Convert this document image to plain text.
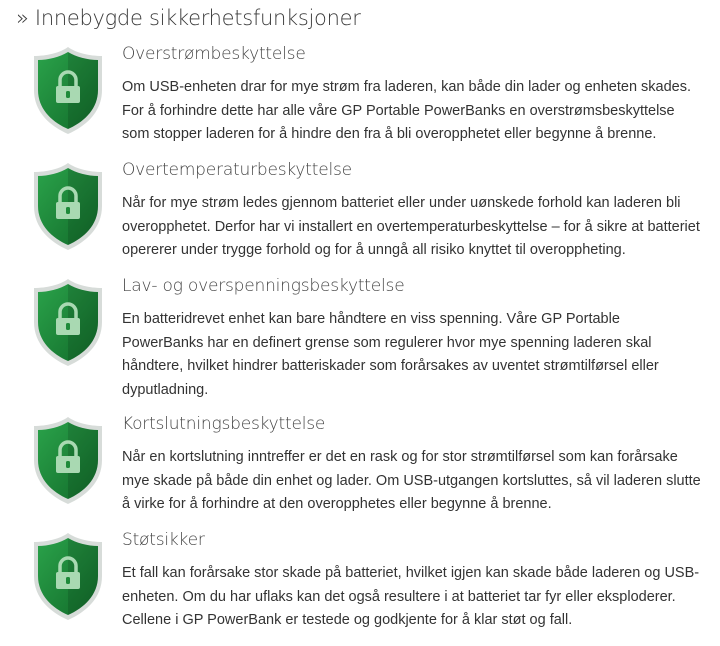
» Innebygde sikkerhetsfunksjoner
Overstrømbeskyttelse
Om USB-enheten drar for mye strøm fra laderen, kan både din lader og enheten skades.
For å forhindre dette har alle våre GP Portable PowerBanks en overstrømsbeskyttelse
som stopper laderen for å hindre den fra å bli overopphetet eller begynne å brenne.
Overtemperaturbeskyttelse
Når for mye strøm ledes gjennom batteriet eller under uønskede forhold kan laderen bli
overopphetet. Derfor har vi installert en overtemperaturbeskyttelse – for å sikre at batteriet
opererer under trygge forhold og for å unngå all risiko knyttet til overoppheting.
Lav- og overspenningsbeskyttelse
En batteridrevet enhet kan bare håndtere en viss spenning. Våre GP Portable
PowerBanks har en definert grense som regulerer hvor mye spenning laderen skal
håndtere, hvilket hindrer batteriskader som forårsakes av uventet strømtilførsel eller
dyputladning.
Kortslutningsbeskyttelse
Når en kortslutning inntreffer er det en rask og for stor strømtilførsel som kan forårsake
mye skade på både din enhet og lader. Om USB-utgangen kortsluttes, så vil laderen slutte
å virke for å forhindre at den overopphetes eller begynne å brenne.
Støtsikker
Et fall kan forårsake stor skade på batteriet, hvilket igjen kan skade både laderen og USB-
enheten. Om du har uflaks kan det også resultere i at batteriet tar fyr eller eksploderer.
Cellene i GP PowerBank er testede og godkjente for å klar støt og fall.
